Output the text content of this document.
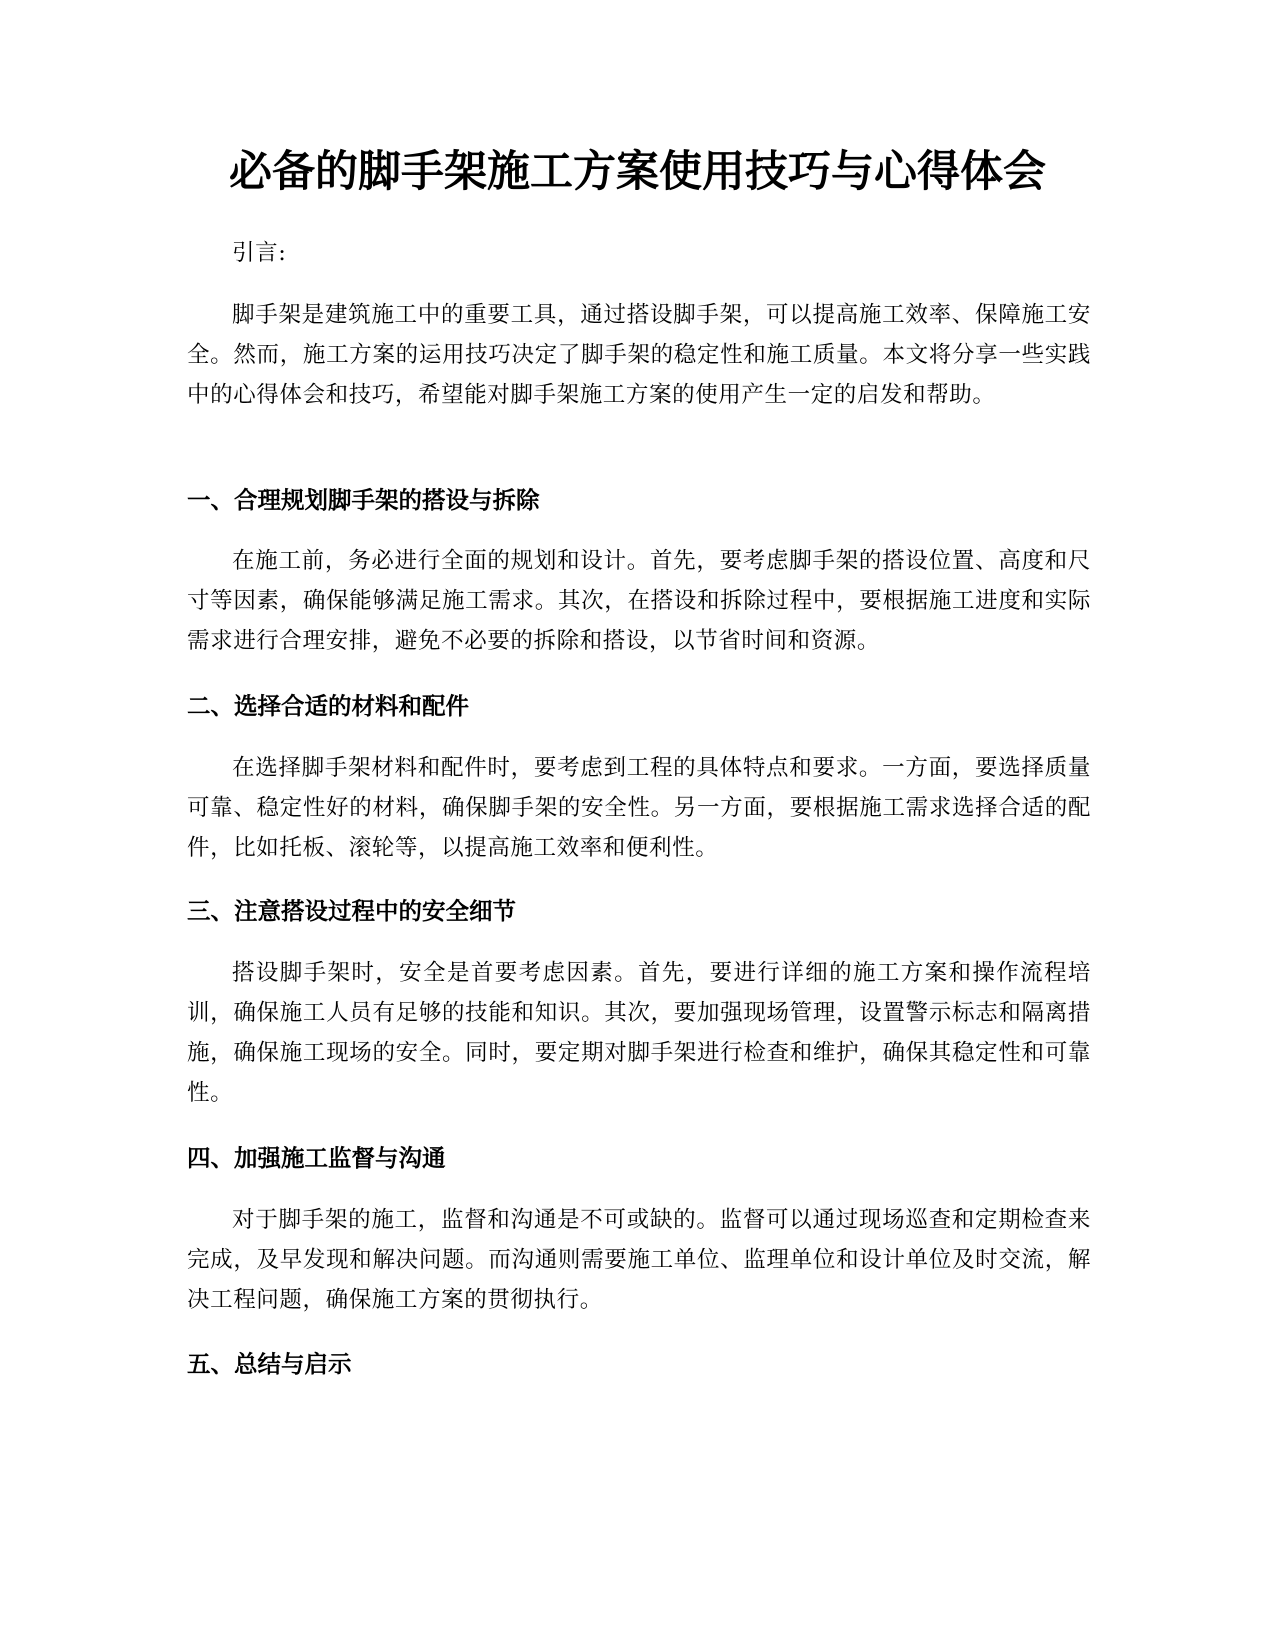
必备的脚手架施工方案使用技巧与心得体会

引言:

脚手架是建筑施工中的重要工具，通过搭设脚手架，可以提高施工效率、保障施工安全。然而，施工方案的运用技巧决定了脚手架的稳定性和施工质量。本文将分享一些实践中的心得体会和技巧，希望能对脚手架施工方案的使用产生一定的启发和帮助。

一、合理规划脚手架的搭设与拆除

在施工前，务必进行全面的规划和设计。首先，要考虑脚手架的搭设位置、高度和尺寸等因素，确保能够满足施工需求。其次，在搭设和拆除过程中，要根据施工进度和实际需求进行合理安排，避免不必要的拆除和搭设，以节省时间和资源。

二、选择合适的材料和配件

在选择脚手架材料和配件时，要考虑到工程的具体特点和要求。一方面，要选择质量可靠、稳定性好的材料，确保脚手架的安全性。另一方面，要根据施工需求选择合适的配件，比如托板、滚轮等，以提高施工效率和便利性。

三、注意搭设过程中的安全细节

搭设脚手架时，安全是首要考虑因素。首先，要进行详细的施工方案和操作流程培训，确保施工人员有足够的技能和知识。其次，要加强现场管理，设置警示标志和隔离措施，确保施工现场的安全。同时，要定期对脚手架进行检查和维护，确保其稳定性和可靠性。

四、加强施工监督与沟通

对于脚手架的施工，监督和沟通是不可或缺的。监督可以通过现场巡查和定期检查来完成，及早发现和解决问题。而沟通则需要施工单位、监理单位和设计单位及时交流，解决工程问题，确保施工方案的贯彻执行。

五、总结与启示
